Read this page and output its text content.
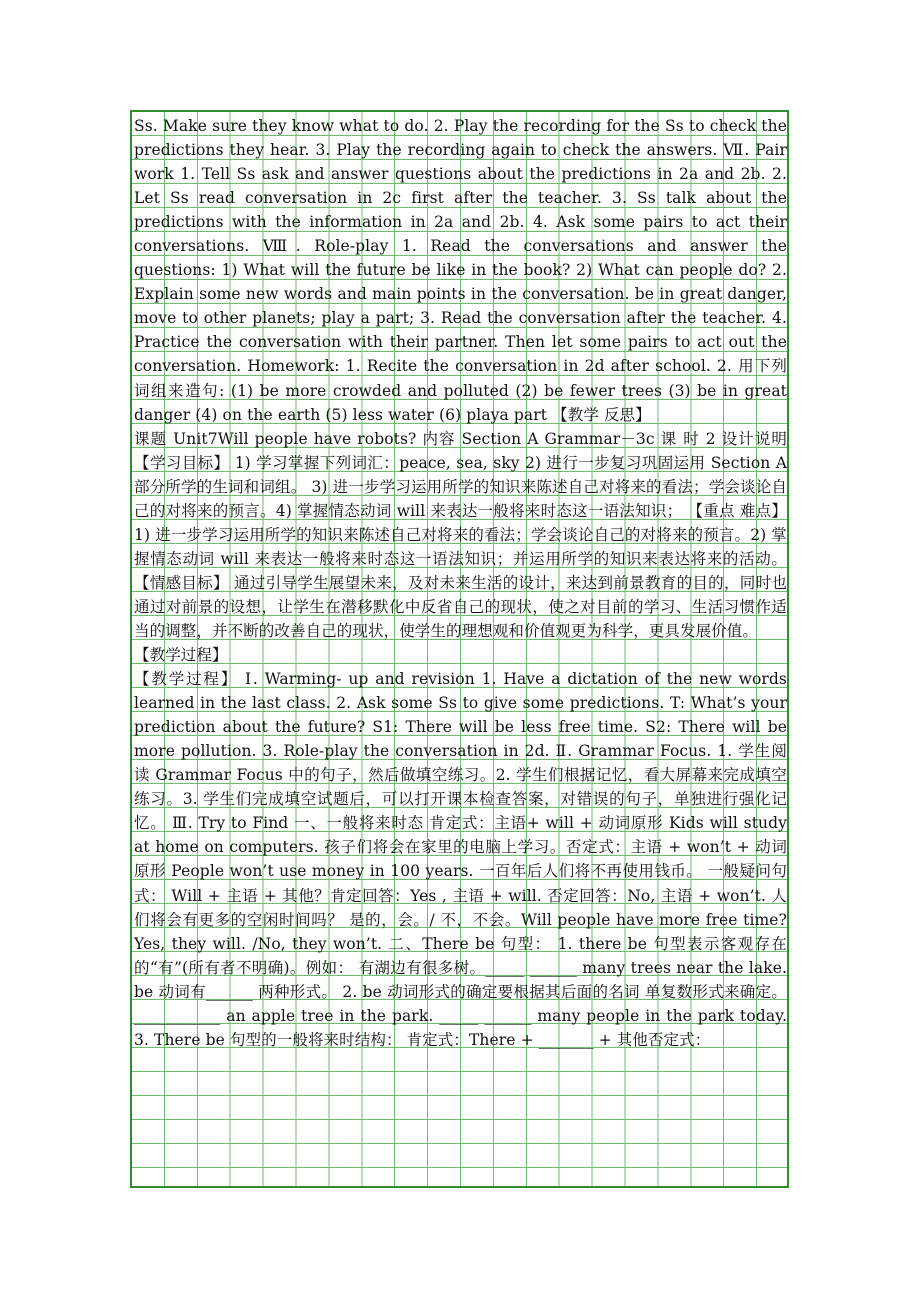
Ss. Make sure they know what to do. 2. Play the recording for the Ss to check the predictions they hear. 3. Play the recording again to check the answers. Ⅶ. Pair work 1. Tell Ss ask and answer questions about the predictions in 2a and 2b. 2. Let Ss read conversation in 2c first after the teacher. 3. Ss talk about the predictions with the information in 2a and 2b. 4. Ask some pairs to act their conversations. Ⅷ. Role-play 1. Read the conversations and answer the questions: 1) What will the future be like in the book? 2) What can people do? 2. Explain some new words and main points in the conversation. be in great danger, move to other planets; play a part; 3. Read the conversation after the teacher. 4. Practice the conversation with their partner. Then let some pairs to act out the conversation. Homework: 1. Recite the conversation in 2d after school. 2. 用下列词组来造句: (1) be more crowded and polluted (2) be fewer trees (3) be in great danger (4) on the earth (5) less water (6) playa part 【教学 反思】

课题 Unit7Will people have robots? 内容 Section A Grammar－3c 课 时 2 设计说明 【学习目标】 1) 学习掌握下列词汇：peace, sea, sky 2) 进行一步复习巩固运用 Section A 部分所学的生词和词组。 3) 进一步学习运用所学的知识来陈述自己对将来的看法；学会谈论自己的对将来的预言。4) 掌握情态动词 will 来表达一般将来时态这一语法知识； 【重点 难点】 1) 进一步学习运用所学的知识来陈述自己对将来的看法；学会谈论自己的对将来的预言。2) 掌握情态动词 will 来表达一般将来时态这一语法知识；并运用所学的知识来表达将来的活动。 【情感目标】 通过引导学生展望未来，及对未来生活的设计，来达到前景教育的目的，同时也通过对前景的设想，让学生在潜移默化中反省自己的现状，使之对目前的学习、生活习惯作适当的调整，并不断的改善自己的现状，使学生的理想观和价值观更为科学，更具发展价值。

【教学过程】

【教学过程】 Ⅰ. Warming- up and revision 1. Have a dictation of the new words learned in the last class. 2. Ask some Ss to give some predictions. T: What’s your prediction about the future? S1: There will be less free time. S2: There will be more pollution. 3. Role-play the conversation in 2d. Ⅱ. Grammar Focus. 1. 学生阅读 Grammar Focus 中的句子，然后做填空练习。2. 学生们根据记忆，看大屏幕来完成填空练习。3. 学生们完成填空试题后，可以打开课本检查答案，对错误的句子，单独进行强化记忆。 Ⅲ. Try to Find 一、一般将来时态 肯定式：主语+ will + 动词原形 Kids will study at home on computers. 孩子们将会在家里的电脑上学习。否定式：主语 + won’t + 动词原形 People won’t use money in 100 years. 一百年后人们将不再使用钱币。 一般疑问句式： Will + 主语 + 其他？肯定回答：Yes , 主语 + will. 否定回答：No, 主语 + won’t. 人们将会有更多的空闲时间吗？ 是的，会。/ 不，不会。Will people have more free time? Yes, they will. /No, they won’t. 二、There be 句型： 1. there be 句型表示客观存在的“有”(所有者不明确)。例如： 有湖边有很多树。_____ ______ many trees near the lake. be 动词有______ 两种形式。 2. be 动词形式的确定要根据其后面的名词 单复数形式来确定。 ___________ an apple tree in the park. _____ ______ many people in the park today. 3. There be 句型的一般将来时结构： 肯定式：There + _______ + 其他否定式：
